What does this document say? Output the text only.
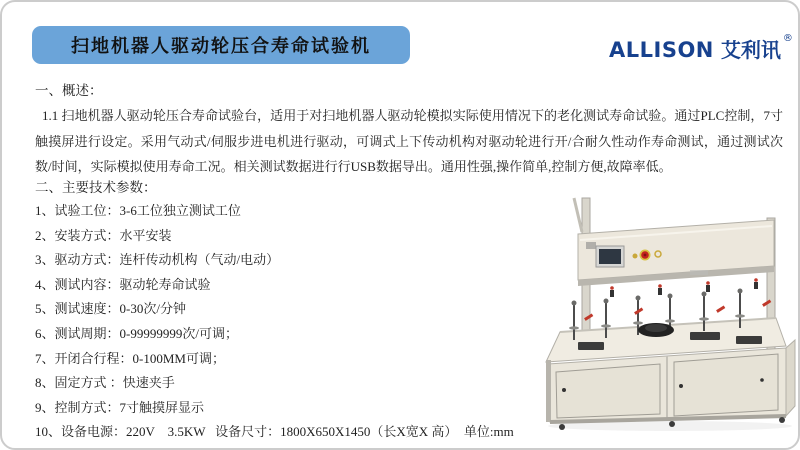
扫地机器人驱动轮压合寿命试验机	ALLISON 艾利讯 ®
一、概述：
1.1 扫地机器人驱动轮压合寿命试验台，适用于对扫地机器人驱动轮模拟实际使用情况下的老化测试寿命试验。通过PLC控制，7寸触摸屏进行设定。采用气动式/伺服步进电机进行驱动，可调式上下传动机构对驱动轮进行开/合耐久性动作寿命测试，通过测试次数/时间，实际模拟使用寿命工况。相关测试数据进行行USB数据导出。通用性强,操作简单,控制方便,故障率低。
二、主要技术参数：
1、试验工位：3-6工位独立测试工位
2、安装方式：水平安装
3、驱动方式：连杆传动机构（气动/电动）
4、测试内容：驱动轮寿命试验
5、测试速度：0-30次/分钟
6、测试周期：0-99999999次/可调；
7、开闭合行程：0-100MM可调；
8、固定方式 ：快速夹手
9、控制方式：7寸触摸屏显示
10、设备电源：220V    3.5KW   设备尺寸：1800X650X1450（长X宽X 高）  单位:mm
